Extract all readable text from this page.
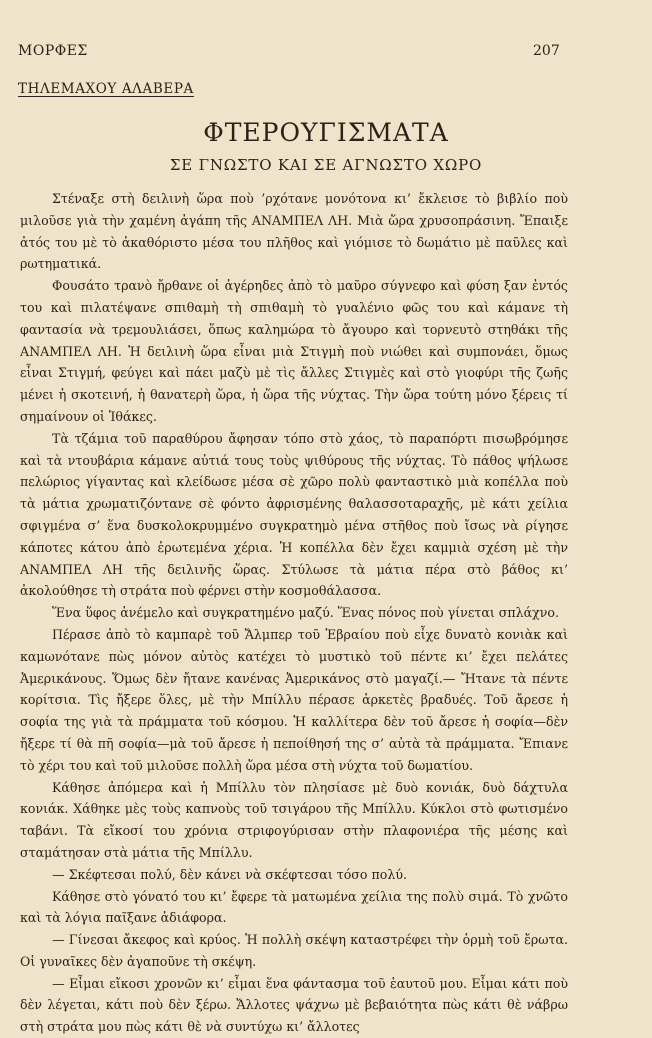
ΜΟΡΦΕΣ	207
ΤΗΛΕΜΑΧΟΥ ΑΛΑΒΕΡΑ
ΦΤΕΡΟΥΓΙΣΜΑΤΑ
ΣΕ ΓΝΩΣΤΟ ΚΑΙ ΣΕ ΑΓΝΩΣΤΟ ΧΩΡΟ

Στέναξε στὴ δειλινὴ ὥρα ποὺ ’ρχότανε μονότονα κι’ ἔκλεισε τὸ βιβλίο ποὺ μιλοῦσε γιὰ τὴν χαμένη ἀγάπη τῆς ΑΝΑΜΠΕΛ ΛΗ. Μιὰ ὥρα χρυσοπράσινη. Ἔπαιξε ἀτός του μὲ τὸ ἀκαθόριστο μέσα του πλῆθος καὶ γιόμισε τὸ δωμάτιο μὲ παῦλες καὶ ρωτηματικά.

Φουσάτο τρανὸ ἤρθανε οἱ ἀγέρηδες ἀπὸ τὸ μαῦρο σύγνεφο καὶ φύση ξαν ἐντός του καὶ πιλατέψανε σπιθαμὴ τὴ σπιθαμὴ τὸ γυαλένιο φῶς του καὶ κάμανε τὴ φαντασία νὰ τρεμουλιάσει, ὅπως καλημώρα τὸ ἄγουρο καὶ τορνευτὸ στηθάκι τῆς ΑΝΑΜΠΕΛ ΛΗ. Ἡ δειλινὴ ὥρα εἶναι μιὰ Στιγμὴ ποὺ νιώθει καὶ συμπονάει, ὅμως εἶναι Στιγμή, φεύγει καὶ πάει μαζὺ μὲ τὶς ἄλλες Στιγμὲς καὶ στὸ γιοφύρι τῆς ζωῆς μένει ἡ σκοτεινή, ἡ θανατερὴ ὥρα, ἡ ὥρα τῆς νύχτας. Τὴν ὥρα τούτη μόνο ξέρεις τί σημαίνουν οἱ Ἰθάκες.

Τὰ τζάμια τοῦ παραθύρου ἄφησαν τόπο στὸ χάος, τὸ παραπόρτι πισωβρόμησε καὶ τὰ ντουβάρια κάμανε αὐτιά τους τοὺς ψιθύρους τῆς νύχτας. Τὸ πάθος ψήλωσε πελώριος γίγαντας καὶ κλείδωσε μέσα σὲ χῶρο πολὺ φανταστικὸ μιὰ κοπέλλα ποὺ τὰ μάτια χρωματιζόντανε σὲ φόντο ἀφρισμένης θαλασσοταραχῆς, μὲ κάτι χείλια σφιγμένα σ’ ἕνα δυσκολοκρυμμένο συγκρατημὸ μένα στῆθος ποὺ ἴσως νὰ ρίγησε κάποτες κάτου ἀπὸ ἐρωτεμένα χέρια. Ἡ κοπέλλα δὲν ἔχει καμμιὰ σχέση μὲ τὴν ΑΝΑΜΠΕΛ ΛΗ τῆς δειλινῆς ὥρας. Στύλωσε τὰ μάτια πέρα στὸ βάθος κι’ ἀκολούθησε τὴ στράτα ποὺ φέρνει στὴν κοσμοθάλασσα.

Ἕνα ὕφος ἀνέμελο καὶ συγκρατημένο μαζύ. Ἕνας πόνος ποὺ γίνεται σπλάχνο.

Πέρασε ἀπὸ τὸ καμπαρὲ τοῦ Ἄλμπερ τοῦ Ἐβραίου ποὺ εἶχε δυνατὸ κονιὰκ καὶ καμωνότανε πὼς μόνον αὐτὸς κατέχει τὸ μυστικὸ τοῦ πέντε κι’ ἔχει πελάτες Ἀμερικάνους. Ὅμως δὲν ἤτανε κανένας Ἀμερικάνος στὸ μαγαζί.— Ἤτανε τὰ πέντε κορίτσια. Τὶς ἤξερε ὅλες, μὲ τὴν Μπίλλυ πέρασε ἀρκετὲς βραδυές. Τοῦ ἄρεσε ἡ σοφία της γιὰ τὰ πράμματα τοῦ κόσμου. Ἡ καλλίτερα δὲν τοῦ ἄρεσε ἡ σοφία—δὲν ἤξερε τί θὰ πῆ σοφία—μὰ τοῦ ἄρεσε ἡ πεποίθησή της σ’ αὐτὰ τὰ πράμματα. Ἔπιανε τὸ χέρι του καὶ τοῦ μιλοῦσε πολλὴ ὥρα μέσα στὴ νύχτα τοῦ δωματίου.

Κάθησε ἀπόμερα καὶ ἡ Μπίλλυ τὸν πλησίασε μὲ δυὸ κονιάκ, δυὸ δάχτυλα κονιάκ. Χάθηκε μὲς τοὺς καπνοὺς τοῦ τσιγάρου τῆς Μπίλλυ. Κύκλοι στὸ φωτισμένο ταβάνι. Τὰ εἴκοσί του χρόνια στριφογύρισαν στὴν πλαφονιέρα τῆς μέσης καὶ σταμάτησαν στὰ μάτια τῆς Μπίλλυ.

— Σκέφτεσαι πολύ, δὲν κάνει νὰ σκέφτεσαι τόσο πολύ.

Κάθησε στὸ γόνατό του κι’ ἔφερε τὰ ματωμένα χείλια της πολὺ σιμά. Τὸ χνῶτο καὶ τὰ λόγια παῖξανε ἀδιάφορα.

— Γίνεσαι ἄκεφος καὶ κρύος. Ἡ πολλὴ σκέψη καταστρέφει τὴν ὁρμὴ τοῦ ἔρωτα. Οἱ γυναῖκες δὲν ἀγαποῦνε τὴ σκέψη.

— Εἶμαι εἴκοσι χρονῶν κι’ εἶμαι ἕνα φάντασμα τοῦ ἑαυτοῦ μου. Εἶμαι κάτι ποὺ δὲν λέγεται, κάτι ποὺ δὲν ξέρω. Ἄλλοτες ψάχνω μὲ βεβαιότητα πὼς κάτι θὲ νάβρω στὴ στράτα μου πὼς κάτι θὲ νὰ συντύχω κι’ ἄλλοτες
